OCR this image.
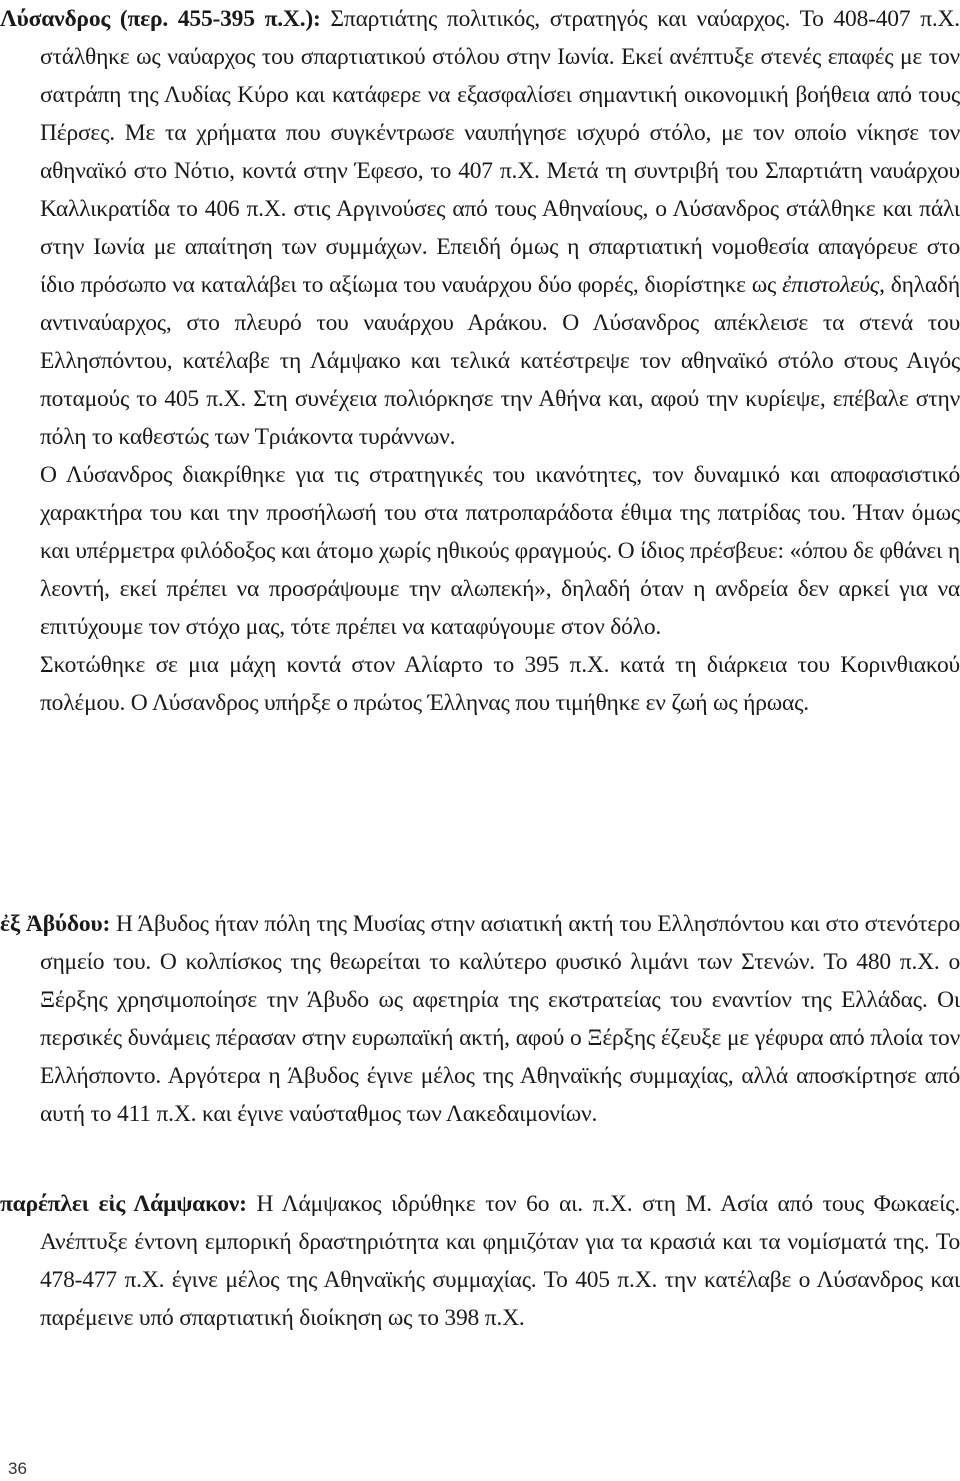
Λύσανδρος (περ. 455-395 π.Χ.): Σπαρτιάτης πολιτικός, στρατηγός και ναύαρχος. Το 408-407 π.Χ. στάλθηκε ως ναύαρχος του σπαρτιατικού στόλου στην Ιωνία. Εκεί ανέπτυξε στενές επαφές με τον σατράπη της Λυδίας Κύρο και κατάφερε να εξασφαλίσει σημαντική οικονομική βοήθεια από τους Πέρσες. Με τα χρήματα που συγκέντρωσε ναυπήγησε ισχυρό στόλο, με τον οποίο νίκησε τον αθηναϊκό στο Νότιο, κοντά στην Έφεσο, το 407 π.Χ. Μετά τη συντριβή του Σπαρτιάτη ναυάρχου Καλλικρατίδα το 406 π.Χ. στις Αργινούσες από τους Αθηναίους, ο Λύσανδρος στάλθηκε και πάλι στην Ιωνία με απαίτηση των συμμάχων. Επειδή όμως η σπαρτιατική νομοθεσία απαγόρευε στο ίδιο πρόσωπο να καταλάβει το αξίωμα του ναυάρχου δύο φορές, διορίστηκε ως ἐπιστολεύς, δηλαδή αντιναύαρχος, στο πλευρό του ναυάρχου Αράκου. Ο Λύσανδρος απέκλεισε τα στενά του Ελλησπόντου, κατέλαβε τη Λάμψακο και τελικά κατέστρεψε τον αθηναϊκό στόλο στους Αιγός ποταμούς το 405 π.Χ. Στη συνέχεια πολιόρκησε την Αθήνα και, αφού την κυρίεψε, επέβαλε στην πόλη το καθεστώς των Τριάκοντα τυράννων.

Ο Λύσανδρος διακρίθηκε για τις στρατηγικές του ικανότητες, τον δυναμικό και αποφασιστικό χαρακτήρα του και την προσήλωσή του στα πατροπαράδοτα έθιμα της πατρίδας του. Ήταν όμως και υπέρμετρα φιλόδοξος και άτομο χωρίς ηθικούς φραγμούς. Ο ίδιος πρέσβευε: «όπου δε φθάνει η λεοντή, εκεί πρέπει να προσράψουμε την αλωπεκή», δηλαδή όταν η ανδρεία δεν αρκεί για να επιτύχουμε τον στόχο μας, τότε πρέπει να καταφύγουμε στον δόλο.

Σκοτώθηκε σε μια μάχη κοντά στον Αλίαρτο το 395 π.Χ. κατά τη διάρκεια του Κορινθιακού πολέμου. Ο Λύσανδρος υπήρξε ο πρώτος Έλληνας που τιμήθηκε εν ζωή ως ήρωας.

ἐξ Ἀβύδου: Η Άβυδος ήταν πόλη της Μυσίας στην ασιατική ακτή του Ελλησπόντου και στο στενότερο σημείο του. Ο κολπίσκος της θεωρείται το καλύτερο φυσικό λιμάνι των Στενών. Το 480 π.Χ. ο Ξέρξης χρησιμοποίησε την Άβυδο ως αφετηρία της εκστρατείας του εναντίον της Ελλάδας. Οι περσικές δυνάμεις πέρασαν στην ευρωπαϊκή ακτή, αφού ο Ξέρξης έζευξε με γέφυρα από πλοία τον Ελλήσποντο. Αργότερα η Άβυδος έγινε μέλος της Αθηναϊκής συμμαχίας, αλλά αποσκίρτησε από αυτή το 411 π.Χ. και έγινε ναύσταθμος των Λακεδαιμονίων.

παρέπλει εἰς Λάμψακον: Η Λάμψακος ιδρύθηκε τον 6ο αι. π.Χ. στη Μ. Ασία από τους Φωκαείς. Ανέπτυξε έντονη εμπορική δραστηριότητα και φημιζόταν για τα κρασιά και τα νομίσματά της. Το 478-477 π.Χ. έγινε μέλος της Αθηναϊκής συμμαχίας. Το 405 π.Χ. την κατέλαβε ο Λύσανδρος και παρέμεινε υπό σπαρτιατική διοίκηση ως το 398 π.Χ.

36
